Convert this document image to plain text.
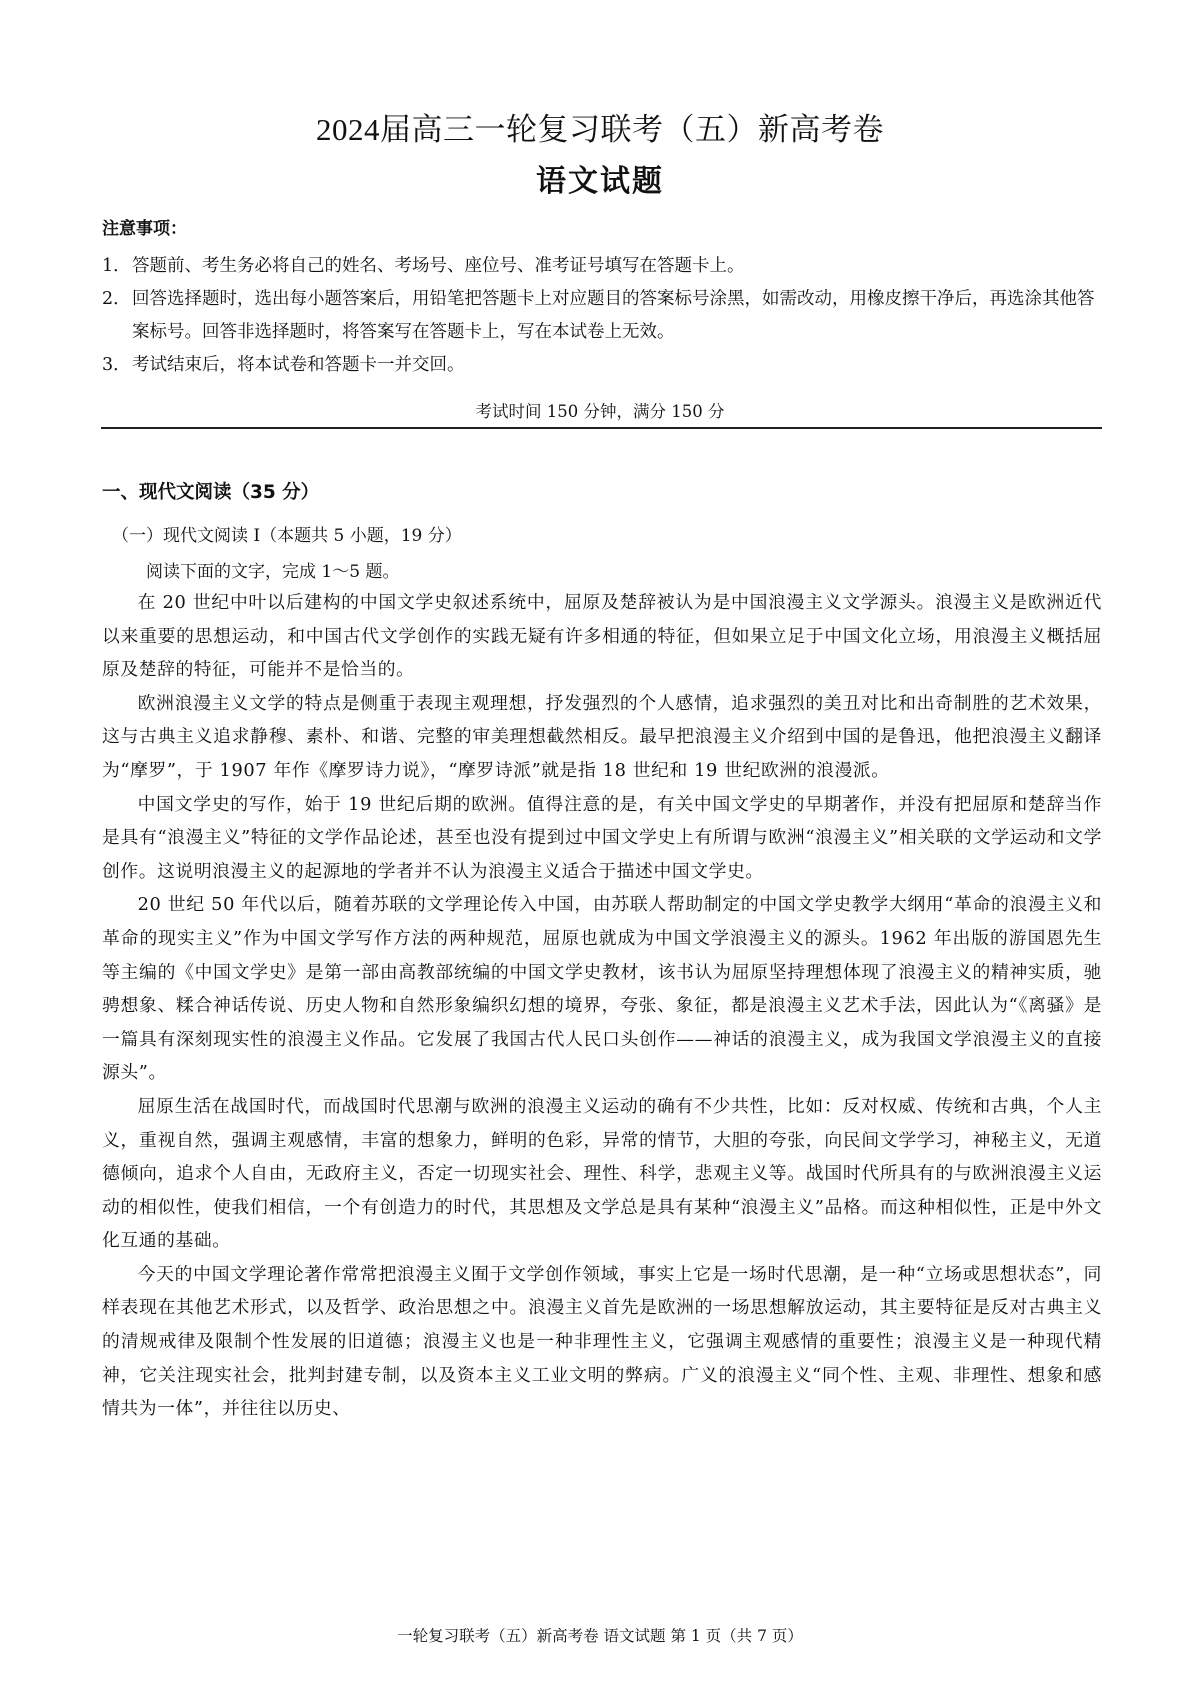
2024届高三一轮复习联考（五）新高考卷
语文试题
注意事项：
1． 答题前、考生务必将自己的姓名、考场号、座位号、准考证号填写在答题卡上。
2． 回答选择题时，选出每小题答案后，用铅笔把答题卡上对应题目的答案标号涂黑，如需改动，用橡皮擦干净后，再选涂其他答案标号。回答非选择题时，将答案写在答题卡上，写在本试卷上无效。
3． 考试结束后，将本试卷和答题卡一并交回。
考试时间 150 分钟，满分 150 分
一、现代文阅读（35 分）
（一）现代文阅读 I（本题共 5 小题，19 分）
阅读下面的文字，完成 1～5 题。

在 20 世纪中叶以后建构的中国文学史叙述系统中，屈原及楚辞被认为是中国浪漫主义文学源头。浪漫主义是欧洲近代以来重要的思想运动，和中国古代文学创作的实践无疑有许多相通的特征，但如果立足于中国文化立场，用浪漫主义概括屈原及楚辞的特征，可能并不是恰当的。

欧洲浪漫主义文学的特点是侧重于表现主观理想，抒发强烈的个人感情，追求强烈的美丑对比和出奇制胜的艺术效果，这与古典主义追求静穆、素朴、和谐、完整的审美理想截然相反。最早把浪漫主义介绍到中国的是鲁迅，他把浪漫主义翻译为“摩罗”，于 1907 年作《摩罗诗力说》，“摩罗诗派”就是指 18 世纪和 19 世纪欧洲的浪漫派。

中国文学史的写作，始于 19 世纪后期的欧洲。值得注意的是，有关中国文学史的早期著作，并没有把屈原和楚辞当作是具有“浪漫主义”特征的文学作品论述，甚至也没有提到过中国文学史上有所谓与欧洲“浪漫主义”相关联的文学运动和文学创作。这说明浪漫主义的起源地的学者并不认为浪漫主义适合于描述中国文学史。

20 世纪 50 年代以后，随着苏联的文学理论传入中国，由苏联人帮助制定的中国文学史教学大纲用“革命的浪漫主义和革命的现实主义”作为中国文学写作方法的两种规范，屈原也就成为中国文学浪漫主义的源头。1962 年出版的游国恩先生等主编的《中国文学史》是第一部由高教部统编的中国文学史教材，该书认为屈原坚持理想体现了浪漫主义的精神实质，驰骋想象、糅合神话传说、历史人物和自然形象编织幻想的境界，夸张、象征，都是浪漫主义艺术手法，因此认为“《离骚》是一篇具有深刻现实性的浪漫主义作品。它发展了我国古代人民口头创作——神话的浪漫主义，成为我国文学浪漫主义的直接源头”。

屈原生活在战国时代，而战国时代思潮与欧洲的浪漫主义运动的确有不少共性，比如：反对权威、传统和古典，个人主义，重视自然，强调主观感情，丰富的想象力，鲜明的色彩，异常的情节，大胆的夸张，向民间文学学习，神秘主义，无道德倾向，追求个人自由，无政府主义，否定一切现实社会、理性、科学，悲观主义等。战国时代所具有的与欧洲浪漫主义运动的相似性，使我们相信，一个有创造力的时代，其思想及文学总是具有某种“浪漫主义”品格。而这种相似性，正是中外文化互通的基础。

今天的中国文学理论著作常常把浪漫主义囿于文学创作领域，事实上它是一场时代思潮，是一种“立场或思想状态”，同样表现在其他艺术形式，以及哲学、政治思想之中。浪漫主义首先是欧洲的一场思想解放运动，其主要特征是反对古典主义的清规戒律及限制个性发展的旧道德；浪漫主义也是一种非理性主义，它强调主观感情的重要性；浪漫主义是一种现代精神，它关注现实社会，批判封建专制，以及资本主义工业文明的弊病。广义的浪漫主义“同个性、主观、非理性、想象和感情共为一体”，并往往以历史、

一轮复习联考（五）新高考卷 语文试题 第 1 页（共 7 页）
